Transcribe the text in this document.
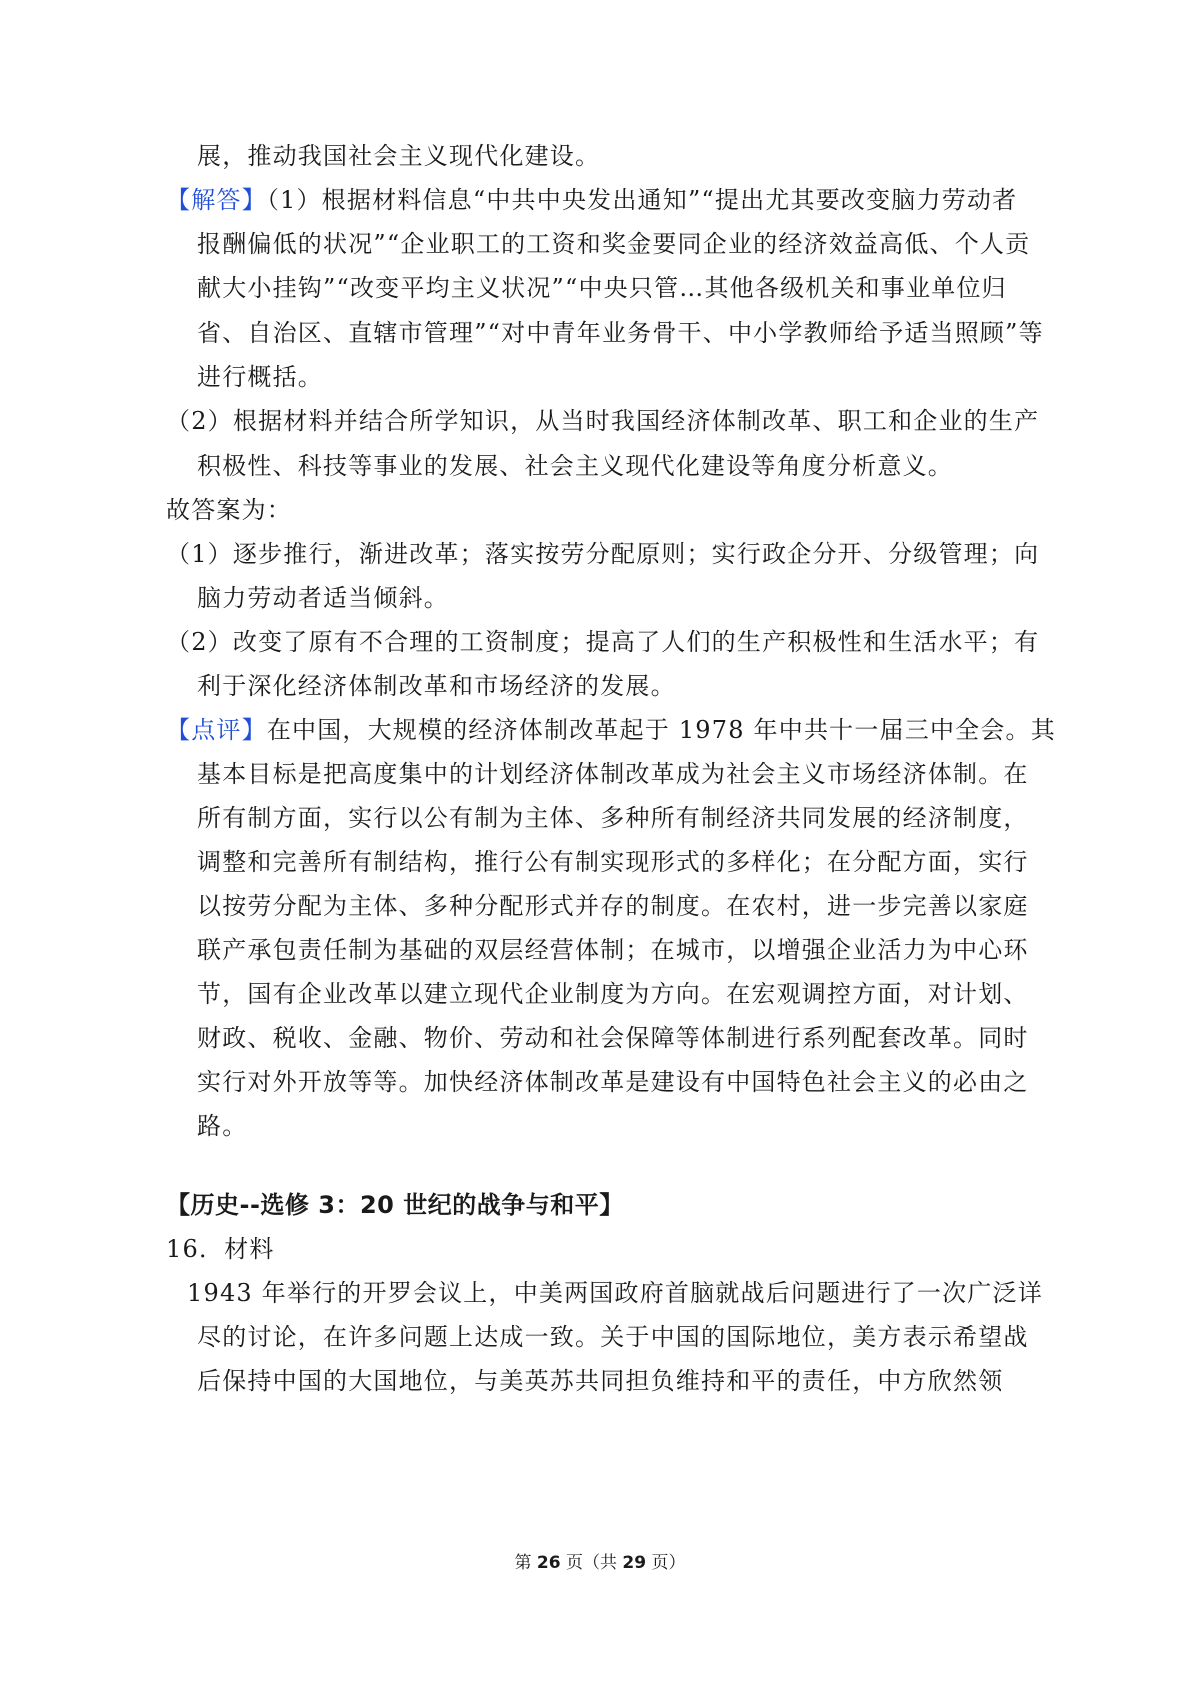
展，推动我国社会主义现代化建设。
【解答】（1）根据材料信息“中共中央发出通知”“提出尤其要改变脑力劳动者
报酬偏低的状况”“企业职工的工资和奖金要同企业的经济效益高低、个人贡
献大小挂钩”“改变平均主义状况”“中央只管…其他各级机关和事业单位归
省、自治区、直辖市管理”“对中青年业务骨干、中小学教师给予适当照顾”等
进行概括。
（2）根据材料并结合所学知识，从当时我国经济体制改革、职工和企业的生产
积极性、科技等事业的发展、社会主义现代化建设等角度分析意义。
故答案为：
（1）逐步推行，渐进改革；落实按劳分配原则；实行政企分开、分级管理；向
脑力劳动者适当倾斜。
（2）改变了原有不合理的工资制度；提高了人们的生产积极性和生活水平；有
利于深化经济体制改革和市场经济的发展。
【点评】在中国，大规模的经济体制改革起于 1978 年中共十一届三中全会。其
基本目标是把高度集中的计划经济体制改革成为社会主义市场经济体制。在
所有制方面，实行以公有制为主体、多种所有制经济共同发展的经济制度，
调整和完善所有制结构，推行公有制实现形式的多样化；在分配方面，实行
以按劳分配为主体、多种分配形式并存的制度。在农村，进一步完善以家庭
联产承包责任制为基础的双层经营体制；在城市，以增强企业活力为中心环
节，国有企业改革以建立现代企业制度为方向。在宏观调控方面，对计划、
财政、税收、金融、物价、劳动和社会保障等体制进行系列配套改革。同时
实行对外开放等等。加快经济体制改革是建设有中国特色社会主义的必由之
路。
【历史--选修 3：20 世纪的战争与和平】
16．材料
1943 年举行的开罗会议上，中美两国政府首脑就战后问题进行了一次广泛详
尽的讨论，在许多问题上达成一致。关于中国的国际地位，美方表示希望战
后保持中国的大国地位，与美英苏共同担负维持和平的责任，中方欣然领
第 26 页（共 29 页）
